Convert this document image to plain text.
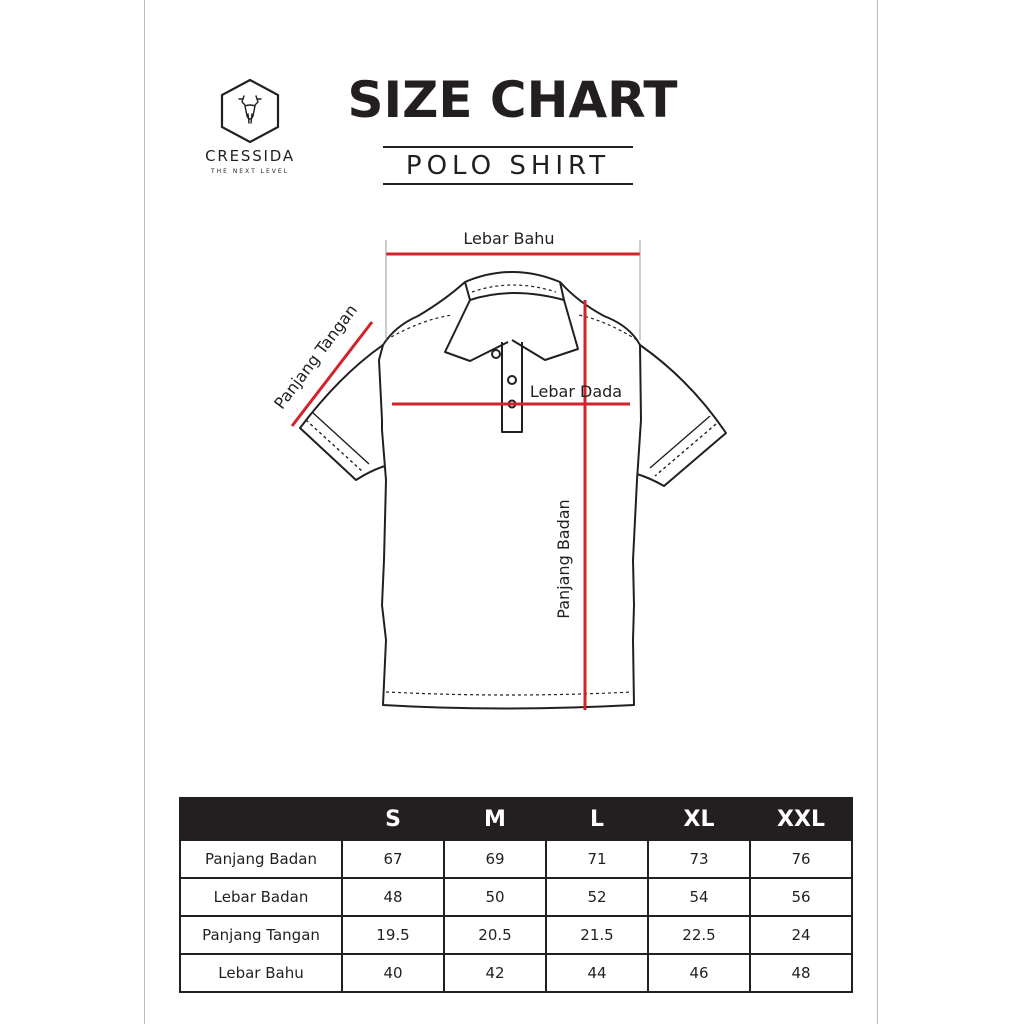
CRESSIDA
THE NEXT LEVEL
SIZE CHART
POLO SHIRT
Lebar Bahu
Panjang Tangan	Lebar Dada
Panjang Badan
	S	M	L	XL	XXL
Panjang Badan	67	69	71	73	76
Lebar Badan	48	50	52	54	56
Panjang Tangan	19.5	20.5	21.5	22.5	24
Lebar Bahu	40	42	44	46	48
